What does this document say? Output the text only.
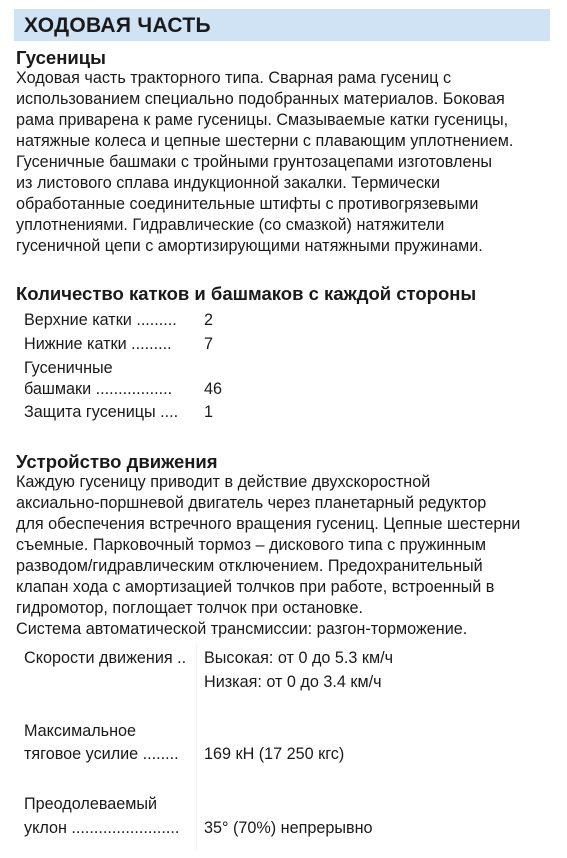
ХОДОВАЯ ЧАСТЬ
Гусеницы
Ходовая часть тракторного типа. Сварная рама гусениц с
использованием специально подобранных материалов. Боковая
рама приварена к раме гусеницы. Смазываемые катки гусеницы,
натяжные колеса и цепные шестерни с плавающим уплотнением.
Гусеничные башмаки с тройными грунтозацепами изготовлены
из листового сплава индукционной закалки. Термически
обработанные соединительные штифты с противогрязевыми
уплотнениями. Гидравлические (со смазкой) натяжители
гусеничной цепи с амортизирующими натяжными пружинами.
Количество катков и башмаков с каждой стороны
Верхние катки ......... 2
Нижние катки ......... 7
Гусеничные
башмаки ................. 46
Защита гусеницы .... 1
Устройство движения
Каждую гусеницу приводит в действие двухскоростной
аксиально-поршневой двигатель через планетарный редуктор
для обеспечения встречного вращения гусениц. Цепные шестерни
съемные. Парковочный тормоз – дискового типа с пружинным
разводом/гидравлическим отключением. Предохранительный
клапан хода с амортизацией толчков при работе, встроенный в
гидромотор, поглощает толчок при остановке.
Система автоматической трансмиссии: разгон-торможение.
Скорости движения .. Высокая: от 0 до 5.3 км/ч
Низкая: от 0 до 3.4 км/ч
Максимальное
тяговое усилие ........ 169 кН (17 250 кгс)
Преодолеваемый
уклон ........................ 35° (70%) непрерывно
